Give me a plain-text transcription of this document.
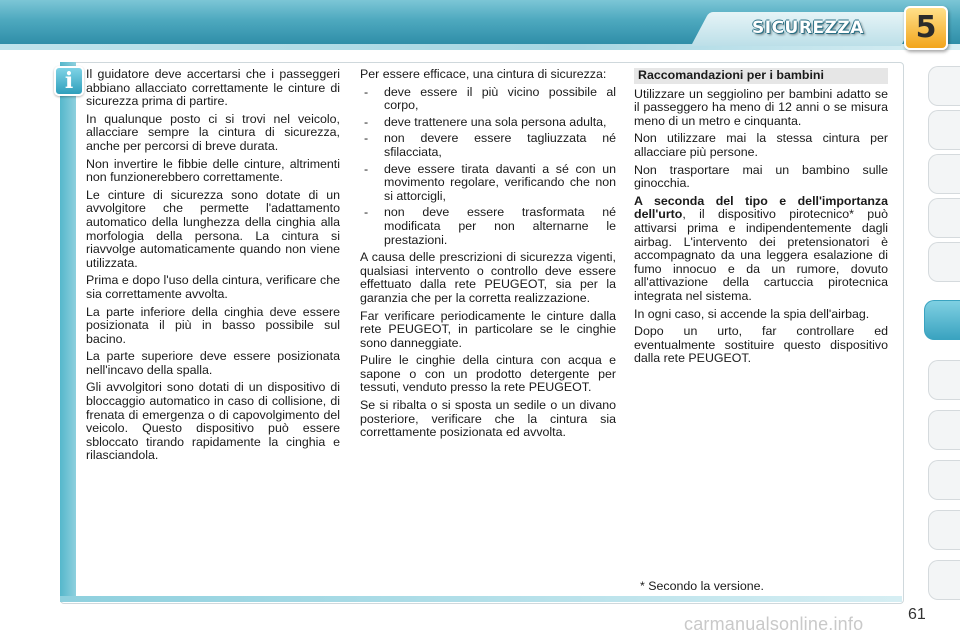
SICUREZZA	5
i	Il guidatore deve accertarsi che i passeggeri abbiano allacciato correttamente le cinture di sicurezza prima di partire.

In qualunque posto ci si trovi nel veicolo, allacciare sempre la cintura di sicurezza, anche per percorsi di breve durata.

Non invertire le fibbie delle cinture, altrimenti non funzionerebbero correttamente.

Le cinture di sicurezza sono dotate di un avvolgitore che permette l'adattamento automatico della lunghezza della cinghia alla morfologia della persona. La cintura si riavvolge automaticamente quando non viene utilizzata.

Prima e dopo l'uso della cintura, verificare che sia correttamente avvolta.

La parte inferiore della cinghia deve essere posizionata il più in basso possibile sul bacino.

La parte superiore deve essere posizionata nell'incavo della spalla.

Gli avvolgitori sono dotati di un dispositivo di bloccaggio automatico in caso di collisione, di frenata di emergenza o di capovolgimento del veicolo. Questo dispositivo può essere sbloccato tirando rapidamente la cinghia e rilasciandola.

Per essere efficace, una cintura di sicurezza:

- deve essere il più vicino possibile al corpo,
- deve trattenere una sola persona adulta,
- non devere essere tagliuzzata né sfilacciata,
- deve essere tirata davanti a sé con un movimento regolare, verificando che non si attorcigli,
- non deve essere trasformata né modificata per non alternarne le prestazioni.

A causa delle prescrizioni di sicurezza vigenti, qualsiasi intervento o controllo deve essere effettuato dalla rete PEUGEOT, sia per la garanzia che per la corretta realizzazione.

Far verificare periodicamente le cinture dalla rete PEUGEOT, in particolare se le cinghie sono danneggiate.

Pulire le cinghie della cintura con acqua e sapone o con un prodotto detergente per tessuti, venduto presso la rete PEUGEOT.

Se si ribalta o si sposta un sedile o un divano posteriore, verificare che la cintura sia correttamente posizionata ed avvolta.

Raccomandazioni per i bambini

Utilizzare un seggiolino per bambini adatto se il passeggero ha meno di 12 anni o se misura meno di un metro e cinquanta.

Non utilizzare mai la stessa cintura per allacciare più persone.

Non trasportare mai un bambino sulle ginocchia.

A seconda del tipo e dell'importanza dell'urto, il dispositivo pirotecnico* può attivarsi prima e indipendentemente dagli airbag. L'intervento dei pretensionatori è accompagnato da una leggera esalazione di fumo innocuo e da un rumore, dovuto all'attivazione della cartuccia pirotecnica integrata nel sistema.

In ogni caso, si accende la spia dell'airbag.

Dopo un urto, far controllare ed eventualmente sostituire questo dispositivo dalla rete PEUGEOT.

* Secondo la versione.
61
carmanualsonline.info
